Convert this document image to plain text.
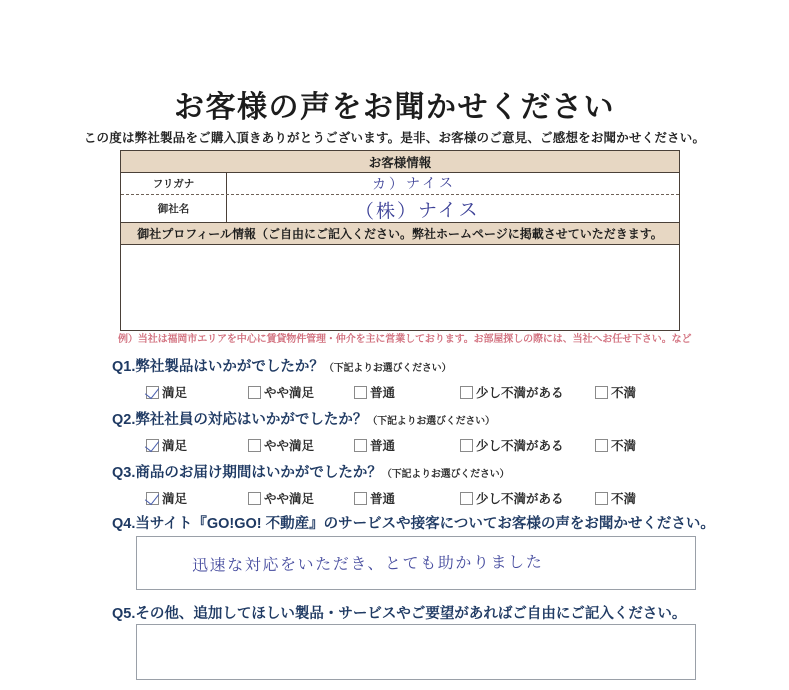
お客様の声をお聞かせください
この度は弊社製品をご購入頂きありがとうございます。是非、お客様のご意見、ご感想をお聞かせください。
お客様情報
フリガナ	カ）ナイス
御社名	（株）ナイス
御社プロフィール情報（ご自由にご記入ください。弊社ホームページに掲載させていただきます。
例）当社は福岡市エリアを中心に賃貸物件管理・仲介を主に営業しております。お部屋探しの際には、当社へお任せ下さい。など
Q1.弊社製品はいかがでしたか？（下記よりお選びください）
満足	やや満足	普通	少し不満がある	不満
Q2.弊社社員の対応はいかがでしたか？（下記よりお選びください）
満足	やや満足	普通	少し不満がある	不満
Q3.商品のお届け期間はいかがでしたか？（下記よりお選びください）
満足	やや満足	普通	少し不満がある	不満
Q4.当サイト『GO!GO! 不動産』のサービスや接客についてお客様の声をお聞かせください。
迅速な対応をいただき、とても助かりました
Q5.その他、追加してほしい製品・サービスやご要望があればご自由にご記入ください。
